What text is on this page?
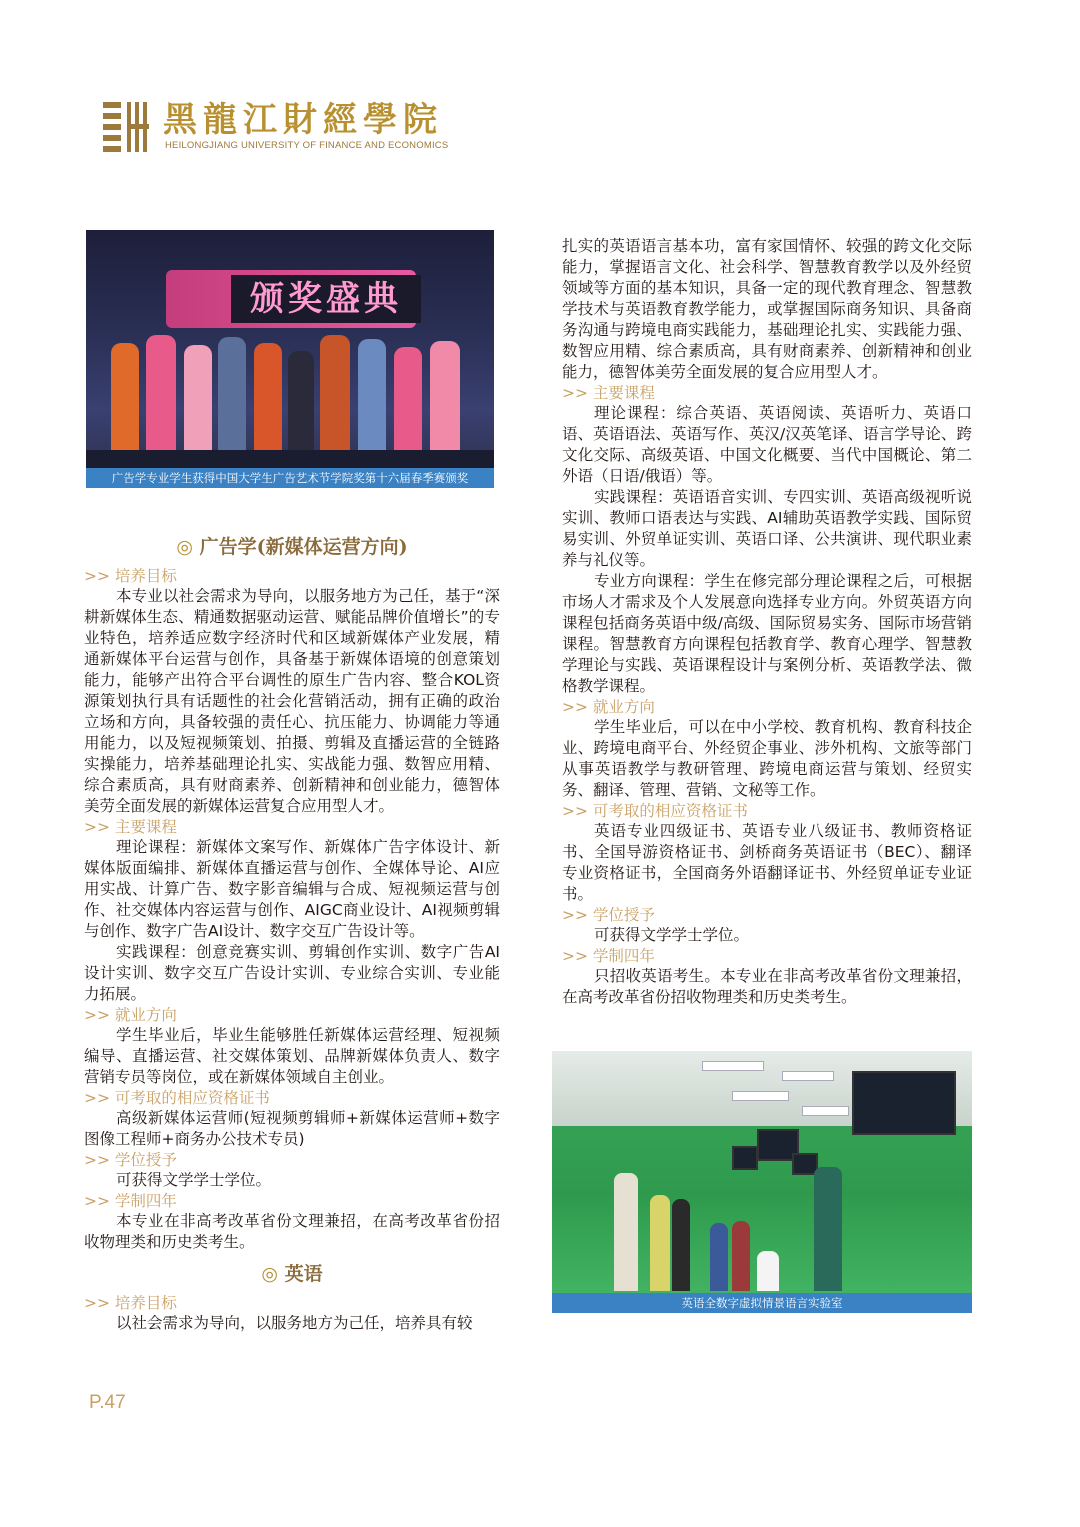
黑龍江財經學院
HEILONGJIANG UNIVERSITY OF FINANCE AND ECONOMICS
颁奖盛典
广告学专业学生获得中国大学生广告艺术节学院奖第十六届春季赛颁奖
◎ 广告学(新媒体运营方向)

>> 培养目标

本专业以社会需求为导向，以服务地方为己任，基于“深耕新媒体生态、精通数据驱动运营、赋能品牌价值增长”的专业特色，培养适应数字经济时代和区域新媒体产业发展，精通新媒体平台运营与创作，具备基于新媒体语境的创意策划能力，能够产出符合平台调性的原生广告内容、整合KOL资源策划执行具有话题性的社会化营销活动，拥有正确的政治立场和方向，具备较强的责任心、抗压能力、协调能力等通用能力，以及短视频策划、拍摄、剪辑及直播运营的全链路实操能力，培养基础理论扎实、实战能力强、数智应用精、综合素质高，具有财商素养、创新精神和创业能力，德智体美劳全面发展的新媒体运营复合应用型人才。

>> 主要课程

理论课程：新媒体文案写作、新媒体广告字体设计、新媒体版面编排、新媒体直播运营与创作、全媒体导论、AI应用实战、计算广告、数字影音编辑与合成、短视频运营与创作、社交媒体内容运营与创作、AIGC商业设计、AI视频剪辑与创作、数字广告AI设计、数字交互广告设计等。

实践课程：创意竞赛实训、剪辑创作实训、数字广告AI设计实训、数字交互广告设计实训、专业综合实训、专业能力拓展。

>> 就业方向

学生毕业后，毕业生能够胜任新媒体运营经理、短视频编导、直播运营、社交媒体策划、品牌新媒体负责人、数字营销专员等岗位，或在新媒体领域自主创业。

>> 可考取的相应资格证书

高级新媒体运营师(短视频剪辑师+新媒体运营师+数字图像工程师+商务办公技术专员)

>> 学位授予

可获得文学学士学位。

>> 学制四年

本专业在非高考改革省份文理兼招，在高考改革省份招收物理类和历史类考生。

◎ 英语

>> 培养目标

以社会需求为导向，以服务地方为己任，培养具有较

扎实的英语语言基本功，富有家国情怀、较强的跨文化交际能力，掌握语言文化、社会科学、智慧教育教学以及外经贸领域等方面的基本知识，具备一定的现代教育理念、智慧教学技术与英语教育教学能力，或掌握国际商务知识、具备商务沟通与跨境电商实践能力，基础理论扎实、实践能力强、数智应用精、综合素质高，具有财商素养、创新精神和创业能力，德智体美劳全面发展的复合应用型人才。

>> 主要课程

理论课程：综合英语、英语阅读、英语听力、英语口语、英语语法、英语写作、英汉/汉英笔译、语言学导论、跨文化交际、高级英语、中国文化概要、当代中国概论、第二外语（日语/俄语）等。

实践课程：英语语音实训、专四实训、英语高级视听说实训、教师口语表达与实践、AI辅助英语教学实践、国际贸易实训、外贸单证实训、英语口译、公共演讲、现代职业素养与礼仪等。

专业方向课程：学生在修完部分理论课程之后，可根据市场人才需求及个人发展意向选择专业方向。外贸英语方向课程包括商务英语中级/高级、国际贸易实务、国际市场营销课程。智慧教育方向课程包括教育学、教育心理学、智慧教学理论与实践、英语课程设计与案例分析、英语教学法、微格教学课程。

>> 就业方向

学生毕业后，可以在中小学校、教育机构、教育科技企业、跨境电商平台、外经贸企事业、涉外机构、文旅等部门从事英语教学与教研管理、跨境电商运营与策划、经贸实务、翻译、管理、营销、文秘等工作。

>> 可考取的相应资格证书

英语专业四级证书、英语专业八级证书、教师资格证书、全国导游资格证书、剑桥商务英语证书（BEC）、翻译专业资格证书，全国商务外语翻译证书、外经贸单证专业证书。

>> 学位授予

可获得文学学士学位。

>> 学制四年

只招收英语考生。本专业在非高考改革省份文理兼招，在高考改革省份招收物理类和历史类考生。

英语全数字虚拟情景语言实验室
P.47
